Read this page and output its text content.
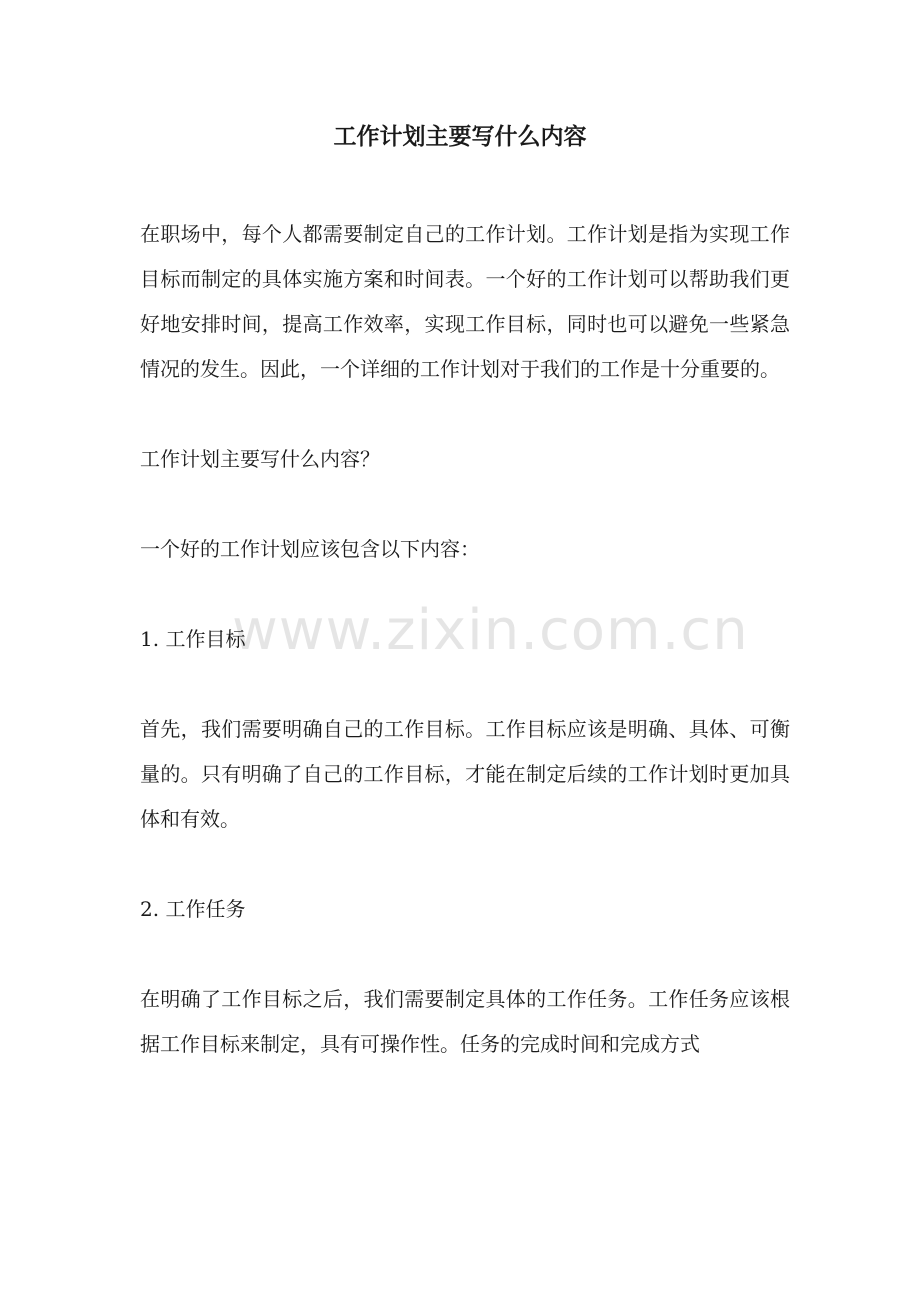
工作计划主要写什么内容

在职场中，每个人都需要制定自己的工作计划。工作计划是指为实现工作目标而制定的具体实施方案和时间表。一个好的工作计划可以帮助我们更好地安排时间，提高工作效率，实现工作目标，同时也可以避免一些紧急情况的发生。因此，一个详细的工作计划对于我们的工作是十分重要的。

工作计划主要写什么内容？

一个好的工作计划应该包含以下内容：

1. 工作目标

首先，我们需要明确自己的工作目标。工作目标应该是明确、具体、可衡量的。只有明确了自己的工作目标，才能在制定后续的工作计划时更加具体和有效。

2. 工作任务

在明确了工作目标之后，我们需要制定具体的工作任务。工作任务应该根据工作目标来制定，具有可操作性。任务的完成时间和完成方式

www.zixin.com.cn
